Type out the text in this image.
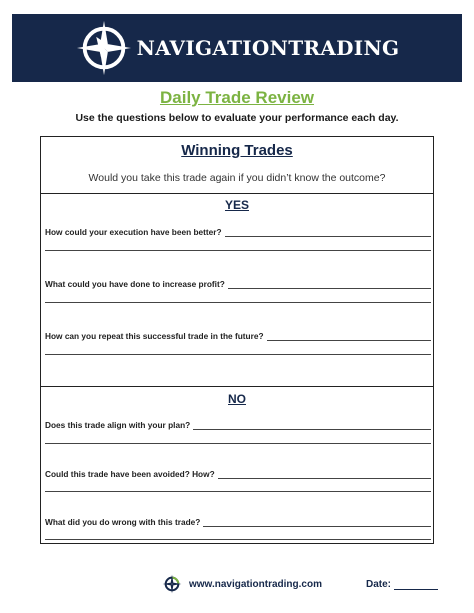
NAVIGATIONTRADING
Daily Trade Review
Use the questions below to evaluate your performance each day.
Winning Trades
Would you take this trade again if you didn’t know the outcome?
YES
How could your execution have been better?
What could you have done to increase profit?
How can you repeat this successful trade in the future?
NO
Does this trade align with your plan?
Could this trade have been avoided? How?
What did you do wrong with this trade?
www.navigationtrading.com	Date:
